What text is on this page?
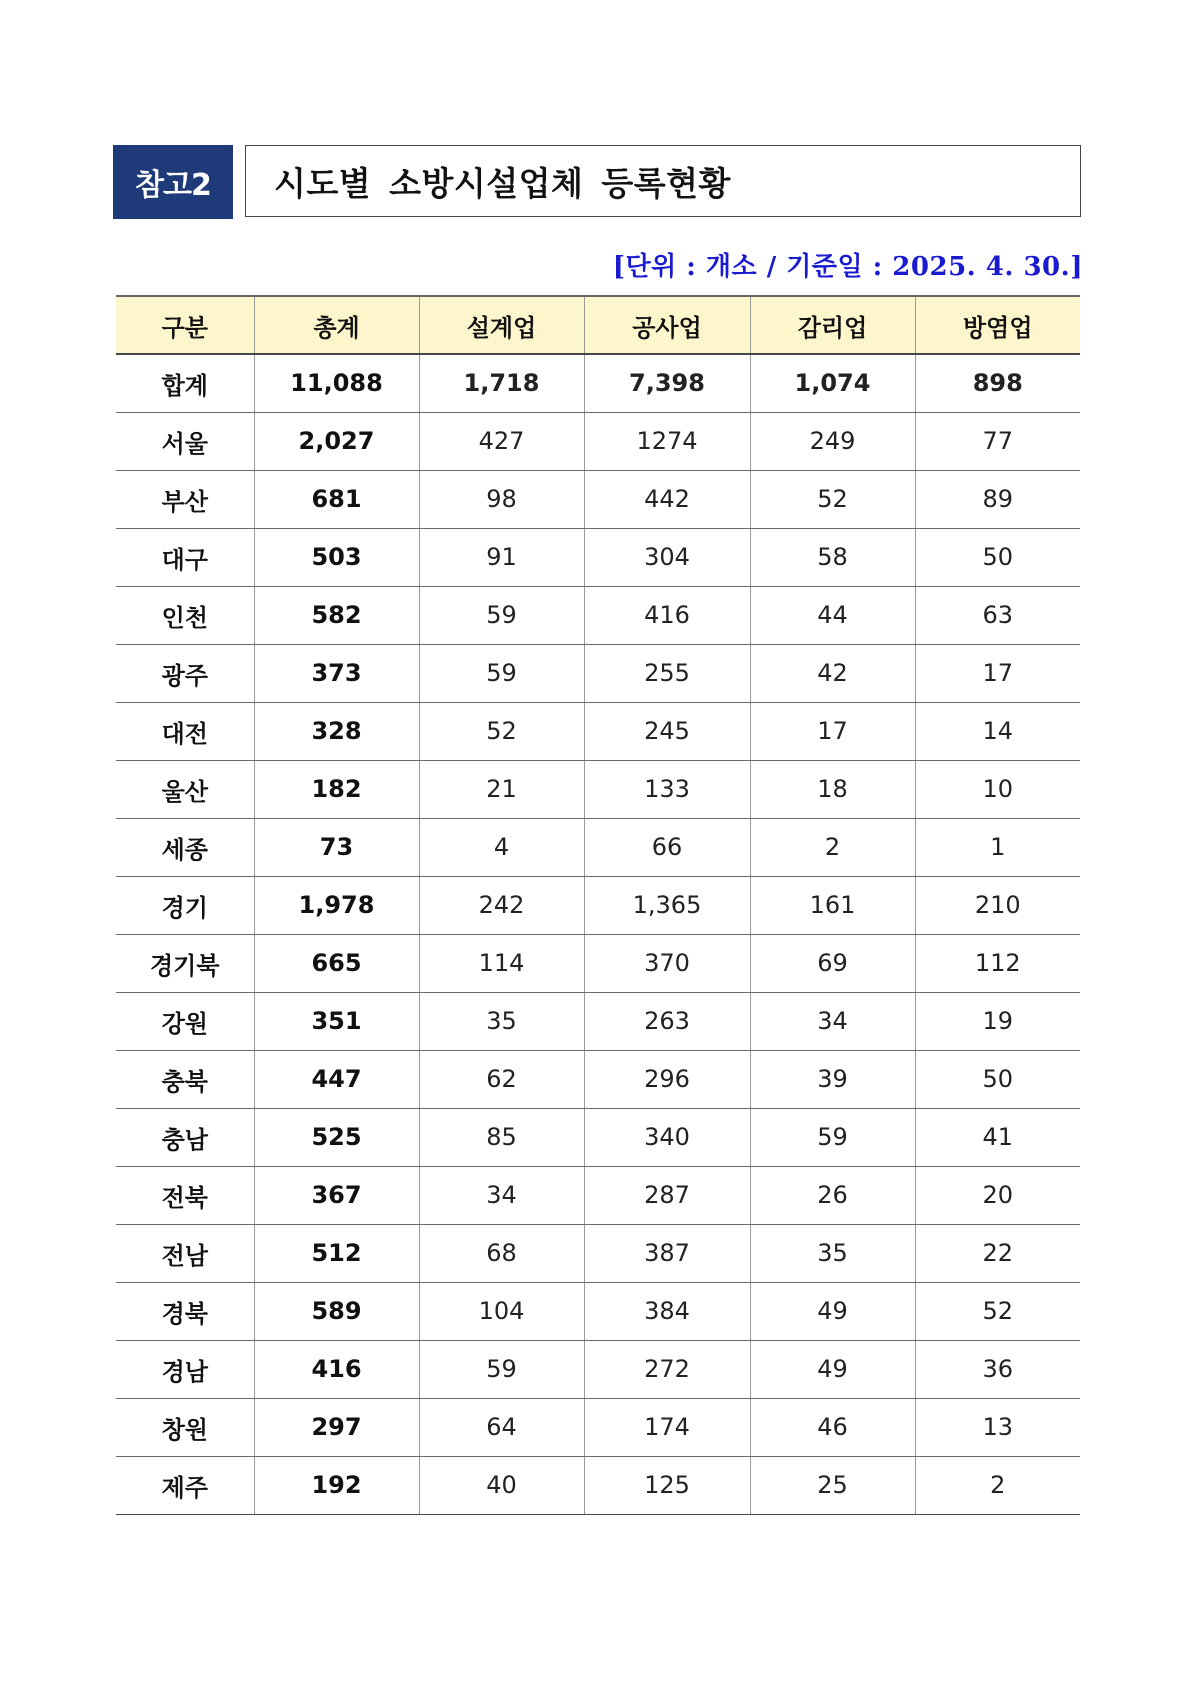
참고2 시도별 소방시설업체 등록현황
[단위 : 개소 / 기준일 : 2025. 4. 30.]
구분	총계	설계업	공사업	감리업	방염업
합계	11,088	1,718	7,398	1,074	898
서울	2,027	427	1274	249	77
부산	681	98	442	52	89
대구	503	91	304	58	50
인천	582	59	416	44	63
광주	373	59	255	42	17
대전	328	52	245	17	14
울산	182	21	133	18	10
세종	73	4	66	2	1
경기	1,978	242	1,365	161	210
경기북	665	114	370	69	112
강원	351	35	263	34	19
충북	447	62	296	39	50
충남	525	85	340	59	41
전북	367	34	287	26	20
전남	512	68	387	35	22
경북	589	104	384	49	52
경남	416	59	272	49	36
창원	297	64	174	46	13
제주	192	40	125	25	2
